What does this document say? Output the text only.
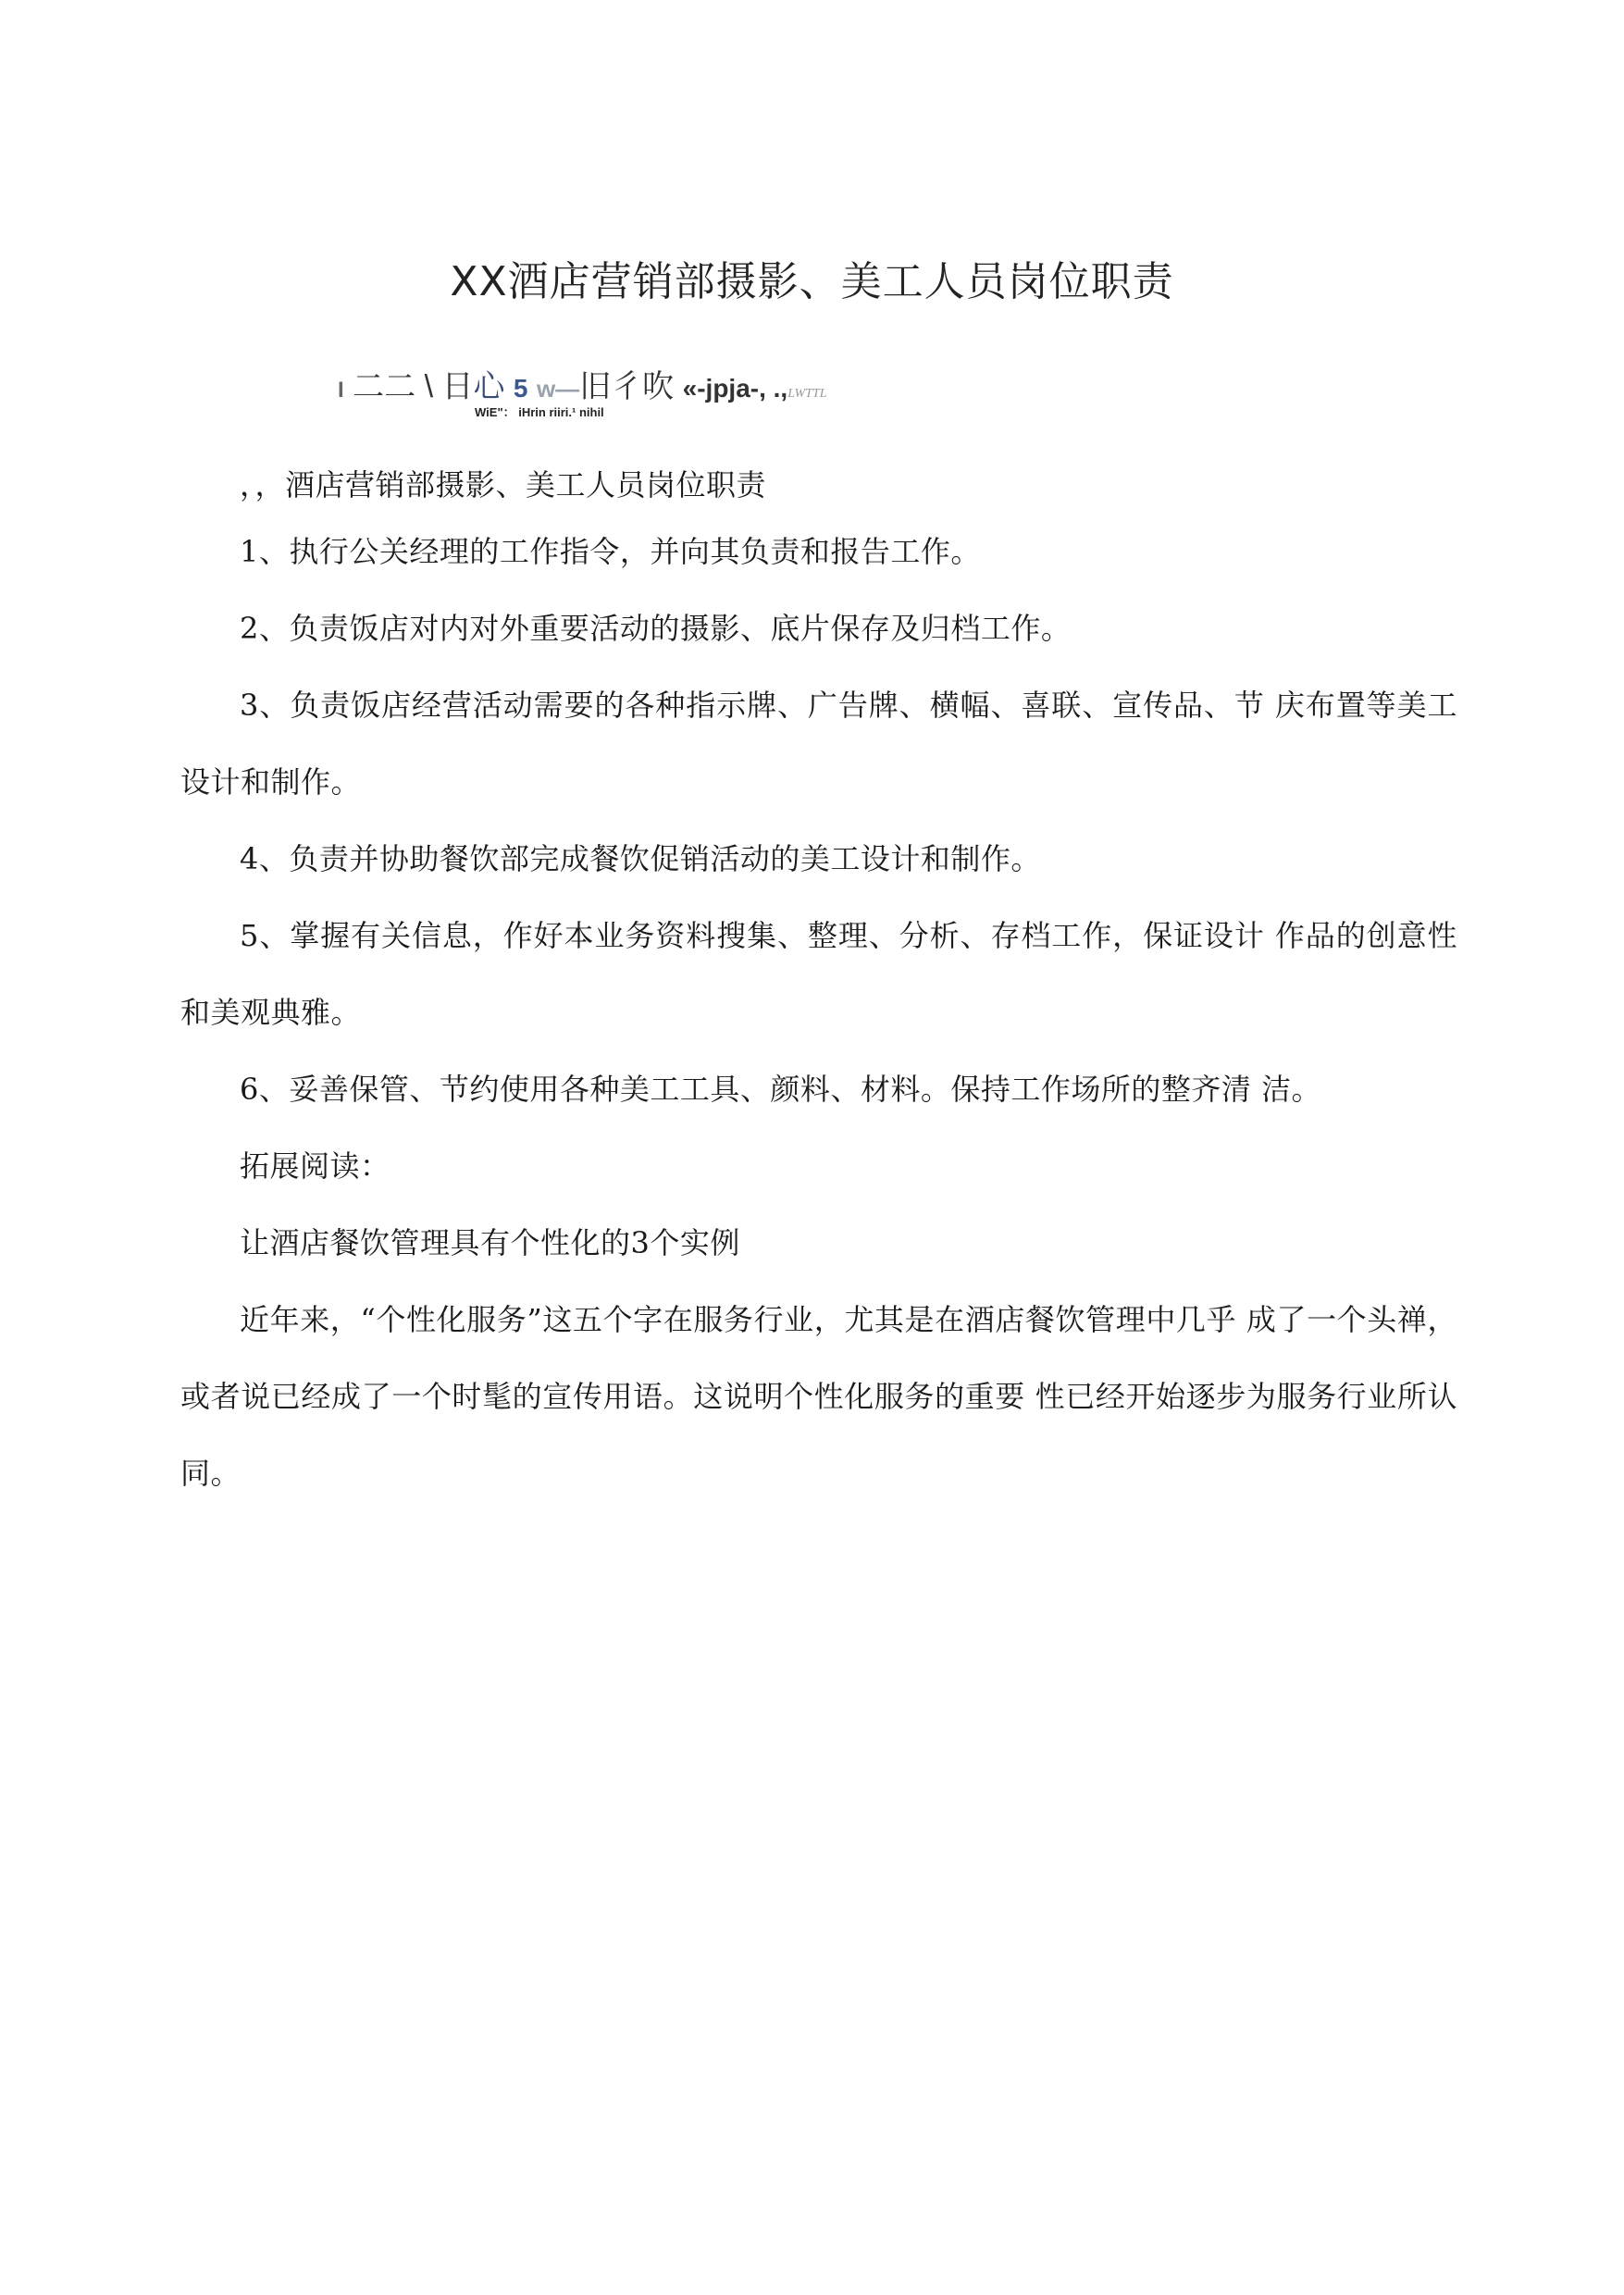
XX酒店营销部摄影、美工人员岗位职责
I 二二 \ 日心 5 w—旧彳吹 «-jpja-, .,LWTTL
WiE"： iHrin riiri.¹ nihil

，，酒店营销部摄影、美工人员岗位职责

1、执行公关经理的工作指令，并向其负责和报告工作。

2、负责饭店对内对外重要活动的摄影、底片保存及归档工作。

3、负责饭店经营活动需要的各种指示牌、广告牌、横幅、喜联、宣传品、节 庆布置等美工设计和制作。

4、负责并协助餐饮部完成餐饮促销活动的美工设计和制作。

5、掌握有关信息，作好本业务资料搜集、整理、分析、存档工作，保证设计 作品的创意性和美观典雅。

6、妥善保管、节约使用各种美工工具、颜料、材料。保持工作场所的整齐清 洁。

拓展阅读：

让酒店餐饮管理具有个性化的3个实例

近年来，“个性化服务”这五个字在服务行业，尤其是在酒店餐饮管理中几乎 成了一个头禅，或者说已经成了一个时髦的宣传用语。这说明个性化服务的重要 性已经开始逐步为服务行业所认同。
